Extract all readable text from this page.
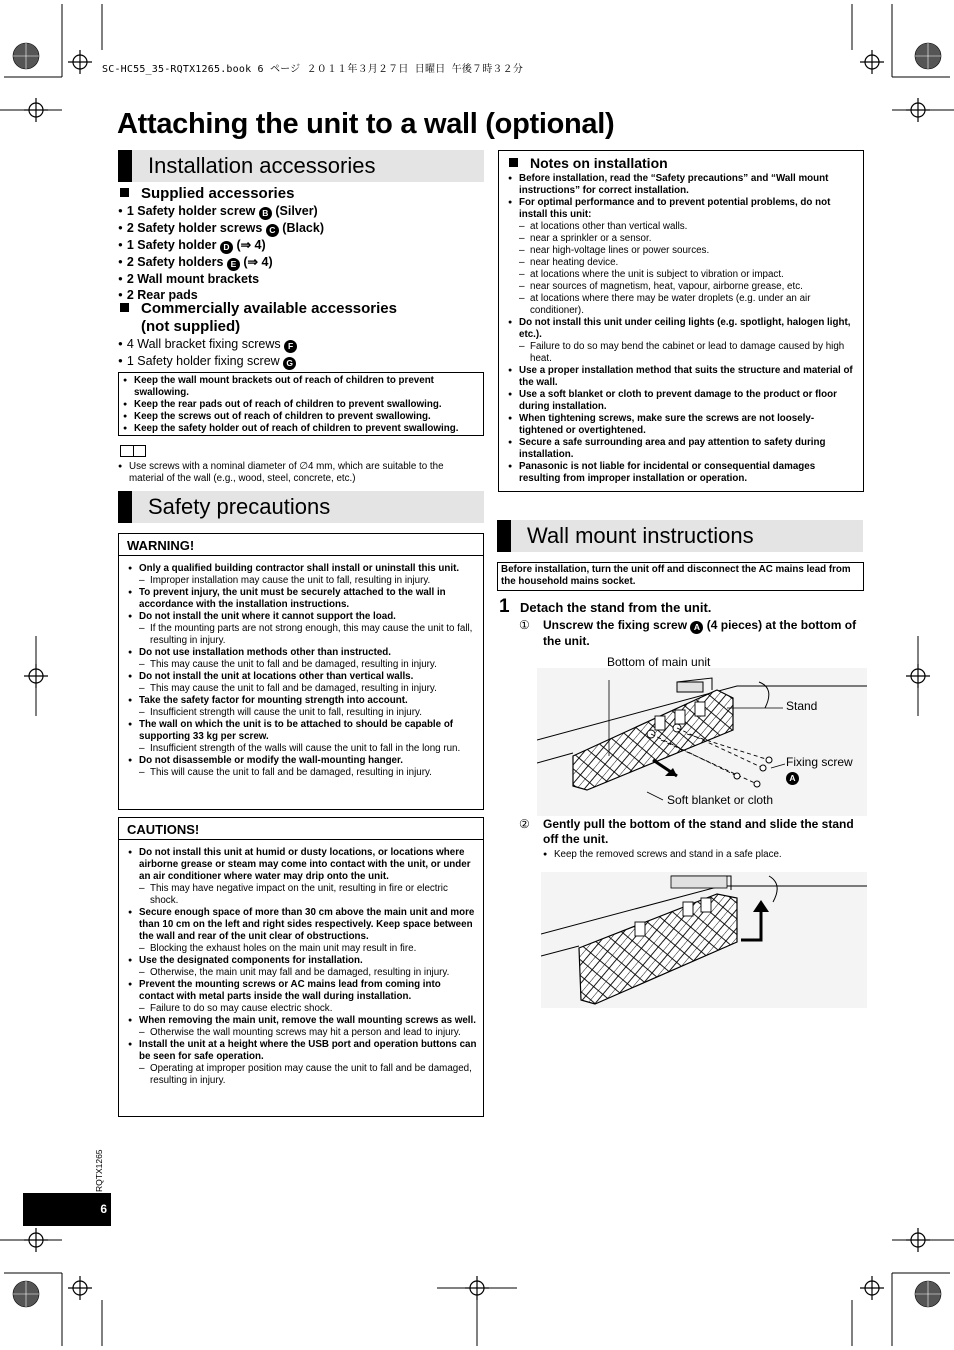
SC-HC55_35-RQTX1265.book 6 ページ ２０１１年３月２７日 日曜日 午後７時３２分
Attaching the unit to a wall (optional)
Installation accessories
Supplied accessories
● 1 Safety holder screw B (Silver)
● 2 Safety holder screws C (Black)
● 1 Safety holder D (⇒ 4)
● 2 Safety holders E (⇒ 4)
● 2 Wall mount brackets
● 2 Rear pads
Commercially available accessories
(not supplied)
● 4 Wall bracket fixing screws F
● 1 Safety holder fixing screw G
● Keep the wall mount brackets out of reach of children to prevent swallowing.
● Keep the rear pads out of reach of children to prevent swallowing.
● Keep the screws out of reach of children to prevent swallowing.
● Keep the safety holder out of reach of children to prevent swallowing.
● Use screws with a nominal diameter of ∅4 mm, which are suitable to the material of the wall (e.g., wood, steel, concrete, etc.)
Safety precautions
WARNING!
● Only a qualified building contractor shall install or uninstall this unit.
– Improper installation may cause the unit to fall, resulting in injury.
● To prevent injury, the unit must be securely attached to the wall in accordance with the installation instructions.
● Do not install the unit where it cannot support the load.
– If the mounting parts are not strong enough, this may cause the unit to fall, resulting in injury.
● Do not use installation methods other than instructed.
– This may cause the unit to fall and be damaged, resulting in injury.
● Do not install the unit at locations other than vertical walls.
– This may cause the unit to fall and be damaged, resulting in injury.
● Take the safety factor for mounting strength into account.
– Insufficient strength will cause the unit to fall, resulting in injury.
● The wall on which the unit is to be attached to should be capable of supporting 33 kg per screw.
– Insufficient strength of the walls will cause the unit to fall in the long run.
● Do not disassemble or modify the wall-mounting hanger.
– This will cause the unit to fall and be damaged, resulting in injury.
CAUTIONS!
● Do not install this unit at humid or dusty locations, or locations where airborne grease or steam may come into contact with the unit, or under an air conditioner where water may drip onto the unit.
– This may have negative impact on the unit, resulting in fire or electric shock.
● Secure enough space of more than 30 cm above the main unit and more than 10 cm on the left and right sides respectively. Keep space between the wall and rear of the unit clear of obstructions.
– Blocking the exhaust holes on the main unit may result in fire.
● Use the designated components for installation.
– Otherwise, the main unit may fall and be damaged, resulting in injury.
● Prevent the mounting screws or AC mains lead from coming into contact with metal parts inside the wall during installation.
– Failure to do so may cause electric shock.
● When removing the main unit, remove the wall mounting screws as well.
– Otherwise the wall mounting screws may hit a person and lead to injury.
● Install the unit at a height where the USB port and operation buttons can be seen for safe operation.
– Operating at improper position may cause the unit to fall and be damaged, resulting in injury.
Notes on installation
● Before installation, read the “Safety precautions” and “Wall mount instructions” for correct installation.
● For optimal performance and to prevent potential problems, do not install this unit:
– at locations other than vertical walls.
– near a sprinkler or a sensor.
– near high-voltage lines or power sources.
– near heating device.
– at locations where the unit is subject to vibration or impact.
– near sources of magnetism, heat, vapour, airborne grease, etc.
– at locations where there may be water droplets (e.g. under an air conditioner).
● Do not install this unit under ceiling lights (e.g. spotlight, halogen light, etc.).
– Failure to do so may bend the cabinet or lead to damage caused by high heat.
● Use a proper installation method that suits the structure and material of the wall.
● Use a soft blanket or cloth to prevent damage to the product or floor during installation.
● When tightening screws, make sure the screws are not loosely-tightened or overtightened.
● Secure a safe surrounding area and pay attention to safety during installation.
● Panasonic is not liable for incidental or consequential damages resulting from improper installation or operation.
Wall mount instructions
Before installation, turn the unit off and disconnect the AC mains lead from the household mains socket.
1 Detach the stand from the unit.
① Unscrew the fixing screw A (4 pieces) at the bottom of the unit.
Bottom of main unit
Stand
Fixing screw
A
Soft blanket or cloth
② Gently pull the bottom of the stand and slide the stand off the unit.
● Keep the removed screws and stand in a safe place.
RQTX1265
6
